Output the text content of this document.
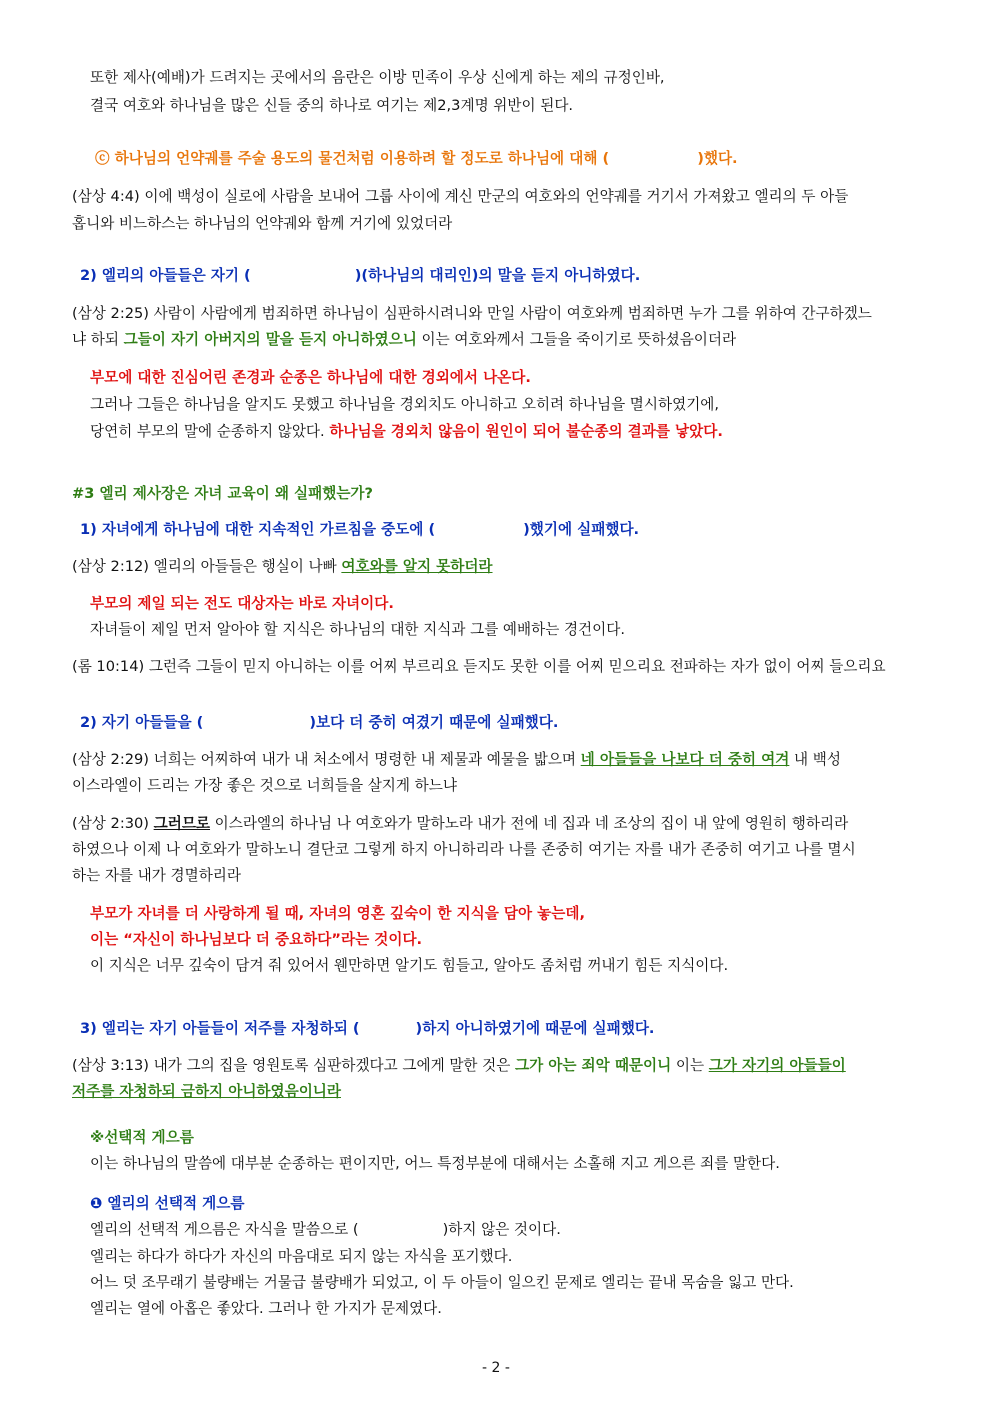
또한 제사(예배)가 드려지는 곳에서의 음란은 이방 민족이 우상 신에게 하는 제의 규정인바,
결국 여호와 하나님을 많은 신들 중의 하나로 여기는 제2,3계명 위반이 된다.
ⓒ 하나님의 언약궤를 주술 용도의 물건처럼 이용하려 할 정도로 하나님에 대해 (	)했다.
(삼상 4:4) 이에 백성이 실로에 사람을 보내어 그룹 사이에 계신 만군의 여호와의 언약궤를 거기서 가져왔고 엘리의 두 아들
홉니와 비느하스는 하나님의 언약궤와 함께 거기에 있었더라
2) 엘리의 아들들은 자기 (	)(하나님의 대리인)의 말을 듣지 아니하였다.
(삼상 2:25) 사람이 사람에게 범죄하면 하나님이 심판하시려니와 만일 사람이 여호와께 범죄하면 누가 그를 위하여 간구하겠느
냐 하되 그들이 자기 아버지의 말을 듣지 아니하였으니 이는 여호와께서 그들을 죽이기로 뜻하셨음이더라
부모에 대한 진심어린 존경과 순종은 하나님에 대한 경외에서 나온다.
그러나 그들은 하나님을 알지도 못했고 하나님을 경외치도 아니하고 오히려 하나님을 멸시하였기에,
당연히 부모의 말에 순종하지 않았다. 하나님을 경외치 않음이 원인이 되어 불순종의 결과를 낳았다.
#3 엘리 제사장은 자녀 교육이 왜 실패했는가?
1) 자녀에게 하나님에 대한 지속적인 가르침을 중도에 (	)했기에 실패했다.
(삼상 2:12) 엘리의 아들들은 행실이 나빠 여호와를 알지 못하더라
부모의 제일 되는 전도 대상자는 바로 자녀이다.
자녀들이 제일 먼저 알아야 할 지식은 하나님의 대한 지식과 그를 예배하는 경건이다.
(롬 10:14) 그런즉 그들이 믿지 아니하는 이를 어찌 부르리요 듣지도 못한 이를 어찌 믿으리요 전파하는 자가 없이 어찌 들으리요
2) 자기 아들들을 (	)보다 더 중히 여겼기 때문에 실패했다.
(삼상 2:29) 너희는 어찌하여 내가 내 처소에서 명령한 내 제물과 예물을 밟으며 네 아들들을 나보다 더 중히 여겨 내 백성
이스라엘이 드리는 가장 좋은 것으로 너희들을 살지게 하느냐
(삼상 2:30) 그러므로 이스라엘의 하나님 나 여호와가 말하노라 내가 전에 네 집과 네 조상의 집이 내 앞에 영원히 행하리라
하였으나 이제 나 여호와가 말하노니 결단코 그렇게 하지 아니하리라 나를 존중히 여기는 자를 내가 존중히 여기고 나를 멸시
하는 자를 내가 경멸하리라
부모가 자녀를 더 사랑하게 될 때, 자녀의 영혼 깊숙이 한 지식을 담아 놓는데,
이는 “자신이 하나님보다 더 중요하다”라는 것이다.
이 지식은 너무 깊숙이 담겨 줘 있어서 웬만하면 알기도 힘들고, 알아도 좀처럼 꺼내기 힘든 지식이다.
3) 엘리는 자기 아들들이 저주를 자청하되 (	)하지 아니하였기에 때문에 실패했다.
(삼상 3:13) 내가 그의 집을 영원토록 심판하겠다고 그에게 말한 것은 그가 아는 죄악 때문이니 이는 그가 자기의 아들들이
저주를 자청하되 금하지 아니하였음이니라
※선택적 게으름
이는 하나님의 말씀에 대부분 순종하는 편이지만, 어느 특정부분에 대해서는 소홀해 지고 게으른 죄를 말한다.
❶ 엘리의 선택적 게으름
엘리의 선택적 게으름은 자식을 말씀으로 (	)하지 않은 것이다.
엘리는 하다가 하다가 자신의 마음대로 되지 않는 자식을 포기했다.
어느 덧 조무래기 불량배는 거물급 불량배가 되었고, 이 두 아들이 일으킨 문제로 엘리는 끝내 목숨을 잃고 만다.
엘리는 열에 아홉은 좋았다. 그러나 한 가지가 문제였다.
- 2 -
